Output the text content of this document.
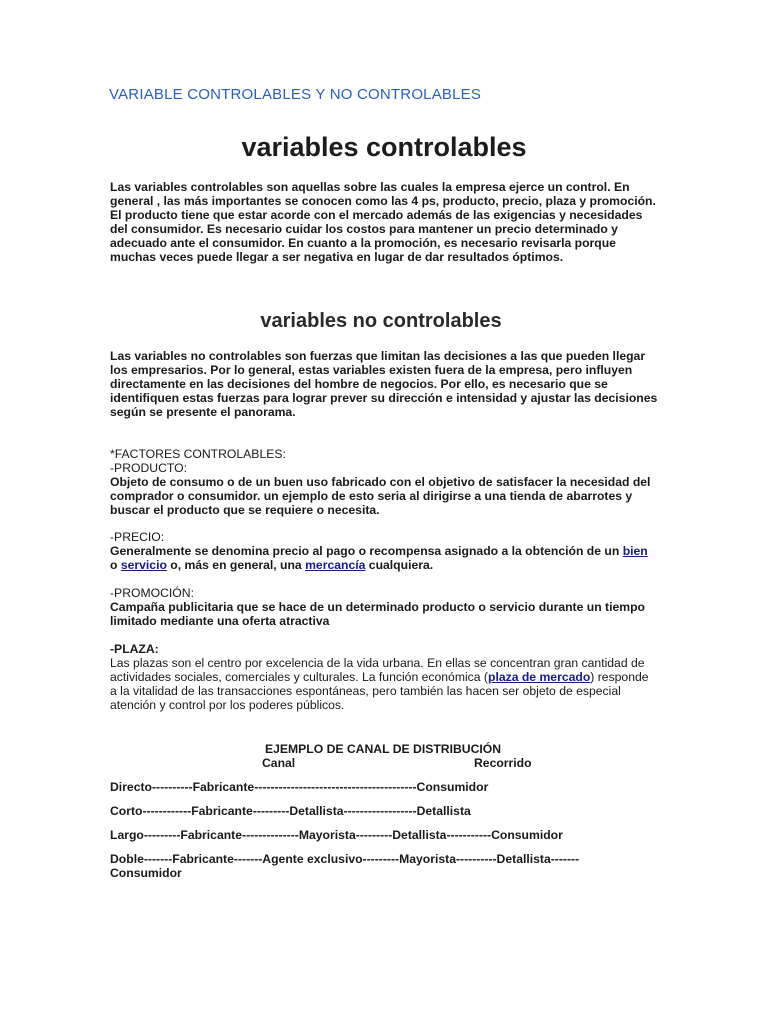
VARIABLE CONTROLABLES Y NO CONTROLABLES
variables controlables

Las variables controlables son aquellas sobre las cuales la empresa ejerce un control. En general , las más importantes se conocen como las 4 ps, producto, precio, plaza y promoción. El producto tiene que estar acorde con el mercado además de las exigencias y necesidades del consumidor. Es necesario cuidar los costos para mantener un precio determinado y adecuado ante el consumidor. En cuanto a la promoción, es necesario revisarla porque muchas veces puede llegar a ser negativa en lugar de dar resultados óptimos.

variables no controlables

Las variables no controlables son fuerzas que limitan las decisiones a las que pueden llegar los empresarios. Por lo general, estas variables existen fuera de la empresa, pero influyen directamente en las decisiones del hombre de negocios. Por ello, es necesario que se identifiquen estas fuerzas para lograr prever su dirección e intensidad y ajustar las decisiones según se presente el panorama.

*FACTORES CONTROLABLES:
-PRODUCTO:
Objeto de consumo o de un buen uso fabricado con el objetivo de satisfacer la necesidad del comprador o consumidor. un ejemplo de esto seria al dirigirse a una tienda de abarrotes y buscar el producto que se requiere o necesita.
-PRECIO:
Generalmente se denomina precio al pago o recompensa asignado a la obtención de un bien o servicio o, más en general, una mercancía cualquiera.
-PROMOCIÓN:
Campaña publicitaria que se hace de un determinado producto o servicio durante un tiempo limitado mediante una oferta atractiva
-PLAZA:
Las plazas son el centro por excelencia de la vida urbana. En ellas se concentran gran cantidad de actividades sociales, comerciales y culturales. La función económica (plaza de mercado) responde a la vitalidad de las transacciones espontáneas, pero también las hacen ser objeto de especial atención y control por los poderes públicos.
EJEMPLO DE CANAL DE DISTRIBUCIÓN
Canal	Recorrido
Directo----------Fabricante----------------------------------------Consumidor
Corto------------Fabricante---------Detallista------------------Detallista
Largo---------Fabricante--------------Mayorista---------Detallista-----------Consumidor
Doble-------Fabricante-------Agente exclusivo---------Mayorista----------Detallista------- Consumidor
